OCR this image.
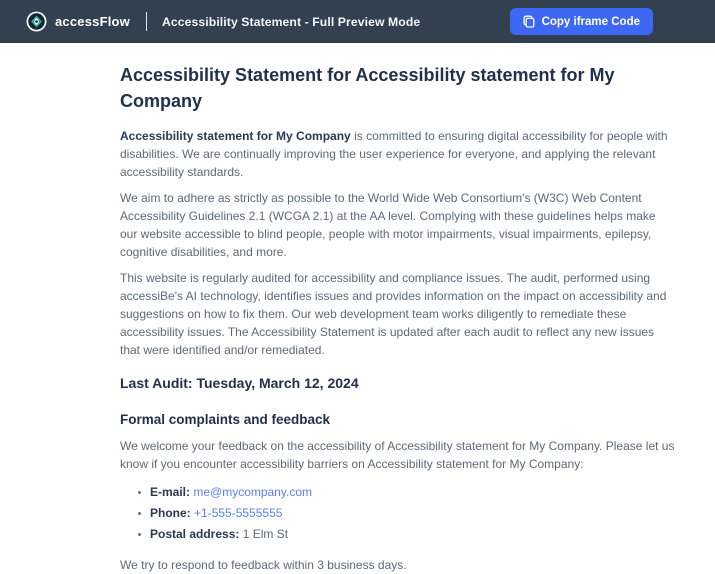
accessFlow	Accessibility Statement - Full Preview Mode	Copy iframe Code
Accessibility Statement for Accessibility statement for My Company

Accessibility statement for My Company is committed to ensuring digital accessibility for people with disabilities. We are continually improving the user experience for everyone, and applying the relevant accessibility standards.

We aim to adhere as strictly as possible to the World Wide Web Consortium's (W3C) Web Content Accessibility Guidelines 2.1 (WCGA 2.1) at the AA level. Complying with these guidelines helps make our website accessible to blind people, people with motor impairments, visual impairments, epilepsy, cognitive disabilities, and more.

This website is regularly audited for accessibility and compliance issues. The audit, performed using accessiBe's AI technology, identifies issues and provides information on the impact on accessibility and suggestions on how to fix them. Our web development team works diligently to remediate these accessibility issues. The Accessibility Statement is updated after each audit to reflect any new issues that were identified and/or remediated.

Last Audit: Tuesday, March 12, 2024
Formal complaints and feedback

We welcome your feedback on the accessibility of Accessibility statement for My Company. Please let us know if you encounter accessibility barriers on Accessibility statement for My Company:

E-mail: me@mycompany.com
Phone: +1-555-5555555
Postal address: 1 Elm St

We try to respond to feedback within 3 business days.
